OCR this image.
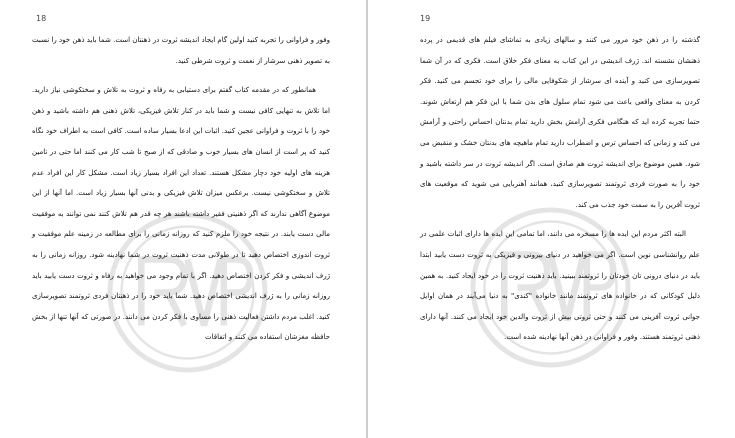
18

وفور و فراوانی را تجربه کنید اولین گام ایجاد اندیشه ثروت در ذهنتان است. شما باید ذهن خود را نسبت به تصویر ذهنی سرشار از نعمت و ثروت شرطی کنید.

همانطور که در مقدمه کتاب گفتم برای دستیابی به رفاه و ثروت به تلاش و سختکوشی نیاز دارید. اما تلاش به تنهایی کافی نیست و شما باید در کنار تلاش فیزیکی، تلاش ذهنی هم داشته باشید و ذهن خود را با ثروت و فراوانی عجین کنید. اثبات این ادعا بسیار ساده است. کافی است به اطراف خود نگاه کنید که پر است از انسان های بسیار خوب و صادقی که از صبح تا شب کار می کنند اما حتی در تامین هزینه های اولیه خود دچار مشکل هستند. تعداد این افراد بسیار زیاد است. مشکل کار این افراد عدم تلاش و سختکوشی نیست. برعکس میزان تلاش فیزیکی و بدنی آنها بسیار زیاد است. اما آنها از این موضوع آگاهی ندارند که اگر ذهنیتی فقیر داشته باشند هر چه قدر هم تلاش کنند نمی توانند به موفقیت مالی دست یابند. در نتیجه خود را ملزم کنید که روزانه زمانی را برای مطالعه در زمینه علم موفقیت و ثروت اندوزی اختصاص دهید تا در طولانی مدت ذهنیت ثروت در شما نهادینه شود. روزانه زمانی را به ژرف اندیشی و فکر کردن اختصاص دهید. اگر با تمام وجود می خواهید به رفاه و ثروت دست یابید باید روزانه زمانی را به ژرف اندیشی اختصاص دهید. شما باید خود را در ذهنتان فردی ثروتمند تصویرسازی کنید. اغلب مردم داشتن فعالیت ذهنی را مساوی با فکر کردن می دانند. در صورتی که آنها تنها از بخش حافظه مغزشان استفاده می کنند و اتفاقات

19

گذشته را در ذهن خود مرور می کنند و سالهای زیادی به تماشای فیلم های قدیمی در پرده ذهنشان نشسته اند. ژرف اندیشی در این کتاب به معنای فکر خلاق است. فکری که در آن شما تصویرسازی می کنید و آینده ای سرشار از شکوفایی مالی را برای خود تجسم می کنید. فکر کردن به معنای واقعی باعث می شود تمام سلول های بدن شما با این فکر هم ارتعاش شوند. حتما تجربه کرده اید که هنگامی فکری آرامش بخش دارید تمام بدنتان احساس راحتی و آرامش می کند و زمانی که احساس ترس و اضطراب دارید تمام ماهیچه های بدنتان خشک و منقبض می شود. همین موضوع برای اندیشه ثروت هم صادق است. اگر اندیشه ثروت در سر داشته باشید و خود را به صورت فردی ثروتمند تصویرسازی کنید، همانند آهنربایی می شوید که موقعیت های ثروت آفرین را به سمت خود جذب می کند.

البته اکثر مردم این ایده ها را مسخره می دانند، اما تمامی این ایده ها دارای اثبات علمی در علم روانشناسی نوین است. اگر می خواهید در دنیای بیرونی و فیزیکی به ثروت دست یابید ابتدا باید در دنیای درونی تان خودتان را ثروتمند ببینید. باید ذهنیت ثروت را در خود ایجاد کنید. به همین دلیل کودکانی که در خانواده های ثروتمند مانند خانواده "کندی" به دنیا می‌آیند در همان اوایل جوانی ثروت آفرینی می کنند و حتی ثروتی بیش از ثروت والدین خود ایجاد می کنند. آنها دارای ذهنی ثروتمند هستند. وفور و فراوانی در ذهن آنها نهادینه شده است.
